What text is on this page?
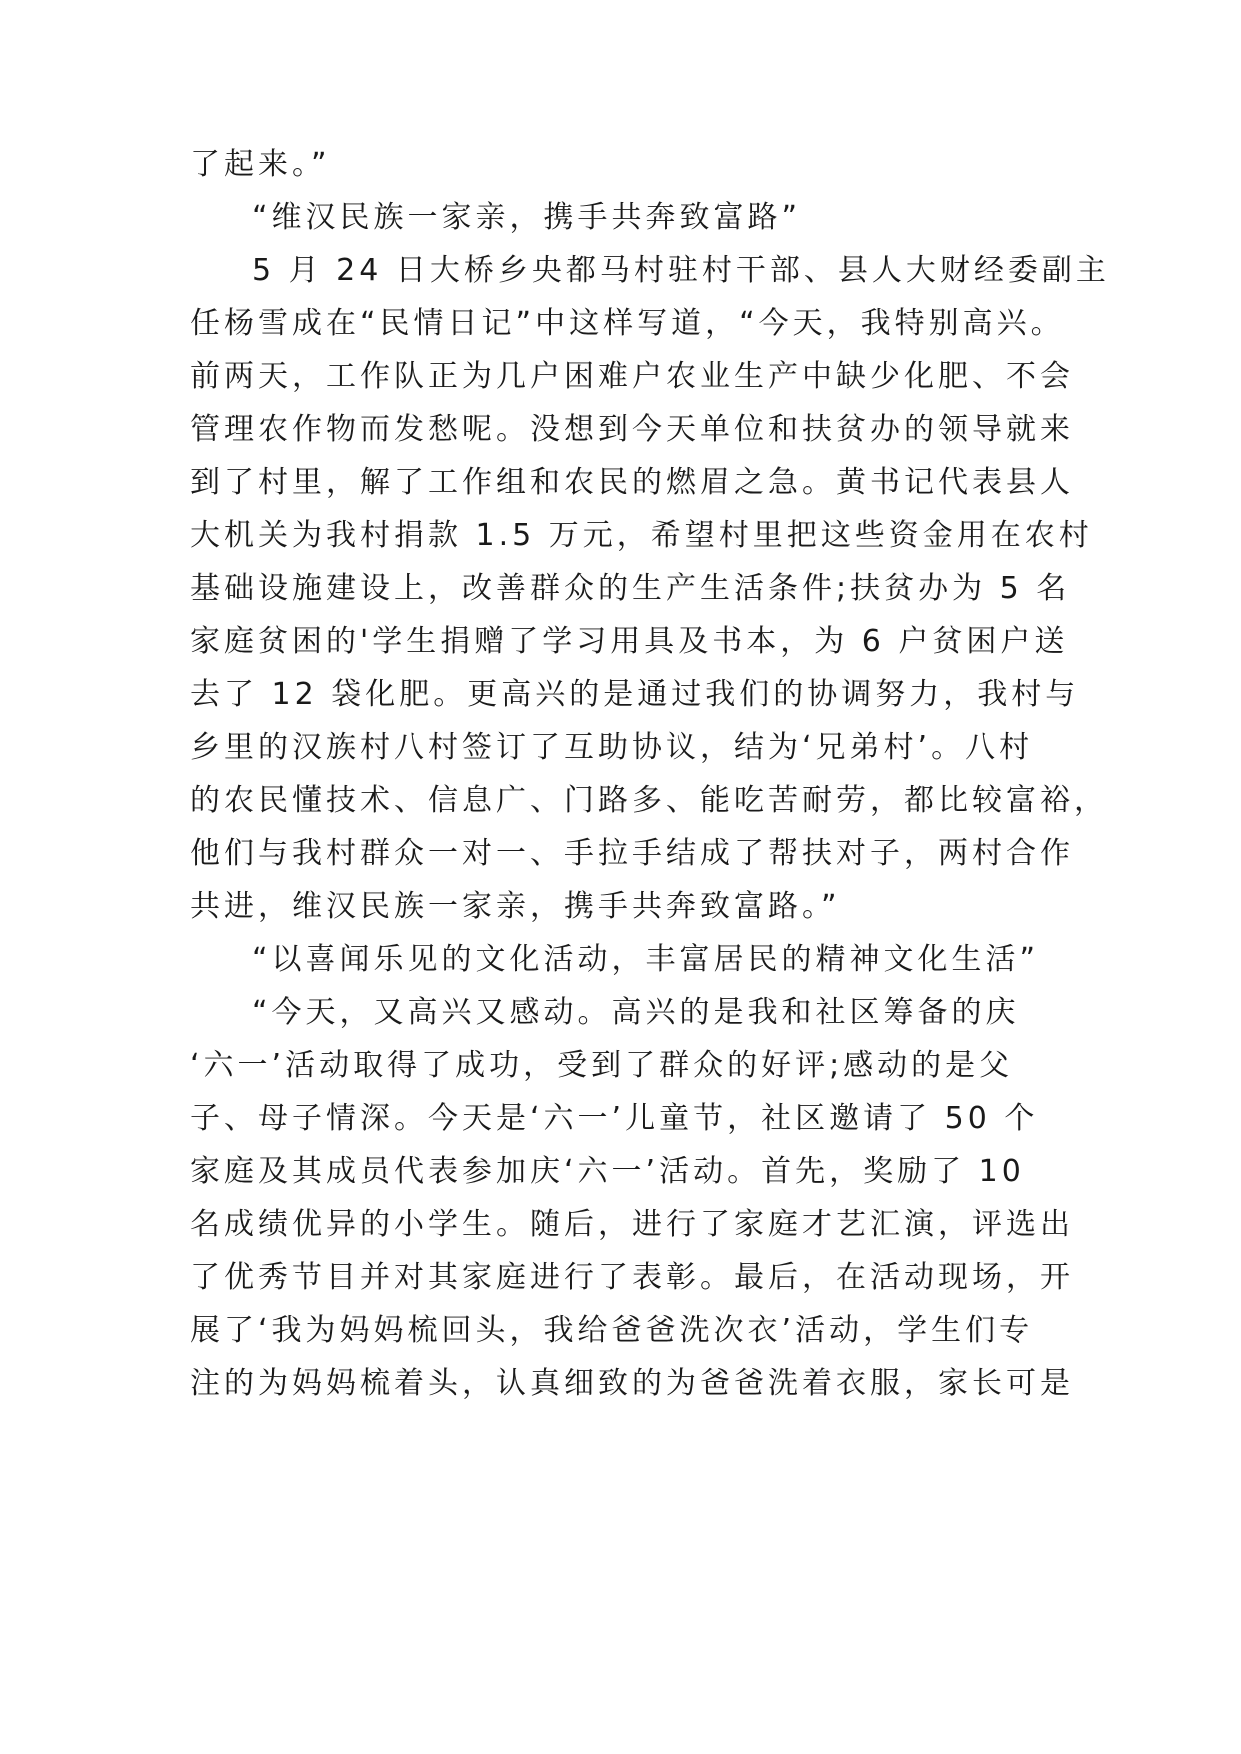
了起来。”

“维汉民族一家亲，携手共奔致富路”

5 月 24 日大桥乡央都马村驻村干部、县人大财经委副主

任杨雪成在“民情日记”中这样写道，“今天，我特别高兴。

前两天，工作队正为几户困难户农业生产中缺少化肥、不会

管理农作物而发愁呢。没想到今天单位和扶贫办的领导就来

到了村里，解了工作组和农民的燃眉之急。黄书记代表县人

大机关为我村捐款 1.5 万元，希望村里把这些资金用在农村

基础设施建设上，改善群众的生产生活条件;扶贫办为 5 名

家庭贫困的'学生捐赠了学习用具及书本，为 6 户贫困户送

去了 12 袋化肥。更高兴的是通过我们的协调努力，我村与

乡里的汉族村八村签订了互助协议，结为‘兄弟村’。八村

的农民懂技术、信息广、门路多、能吃苦耐劳，都比较富裕，

他们与我村群众一对一、手拉手结成了帮扶对子，两村合作

共进，维汉民族一家亲，携手共奔致富路。”

“以喜闻乐见的文化活动，丰富居民的精神文化生活”

“今天，又高兴又感动。高兴的是我和社区筹备的庆

‘六一’活动取得了成功，受到了群众的好评;感动的是父

子、母子情深。今天是‘六一’儿童节，社区邀请了 50 个

家庭及其成员代表参加庆‘六一’活动。首先，奖励了 10

名成绩优异的小学生。随后，进行了家庭才艺汇演，评选出

了优秀节目并对其家庭进行了表彰。最后，在活动现场，开

展了‘我为妈妈梳回头，我给爸爸洗次衣’活动，学生们专

注的为妈妈梳着头，认真细致的为爸爸洗着衣服，家长可是
